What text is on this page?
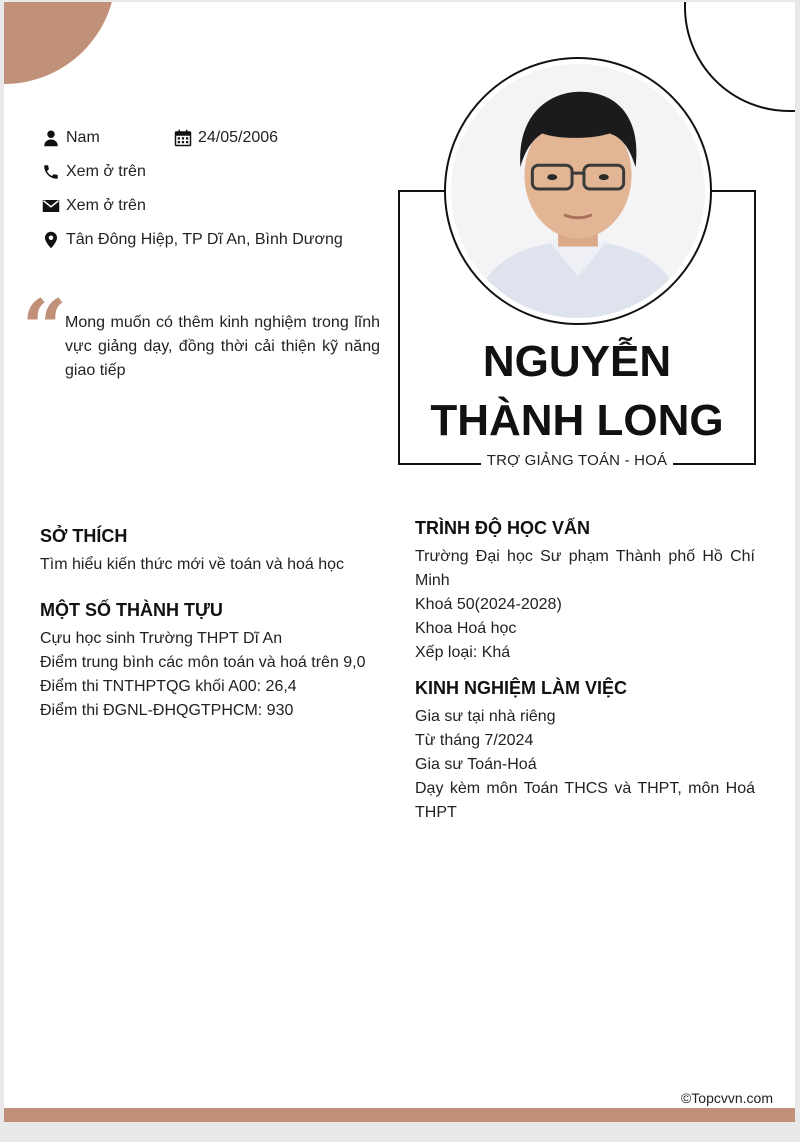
Nam	24/05/2006
Xem ở trên
Xem ở trên
Tân Đông Hiệp, TP Dĩ An, Bình Dương
“
Mong muốn có thêm kinh nghiệm trong lĩnh vực giảng dạy, đồng thời cải thiện kỹ năng giao tiếp	NGUYỄN
THÀNH LONG
TRỢ GIẢNG TOÁN - HOÁ
SỞ THÍCH

Tìm hiểu kiến thức mới về toán và hoá học

MỘT SỐ THÀNH TỰU

Cựu học sinh Trường THPT Dĩ An

Điểm trung bình các môn toán và hoá trên 9,0

Điểm thi TNTHPTQG khối A00: 26,4

Điểm thi ĐGNL-ĐHQGTPHCM: 930

TRÌNH ĐỘ HỌC VẤN

Trường Đại học Sư phạm Thành phố Hồ Chí Minh

Khoá 50(2024-2028)

Khoa Hoá học

Xếp loại: Khá

KINH NGHIỆM LÀM VIỆC

Gia sư tại nhà riêng

Từ tháng 7/2024

Gia sư Toán-Hoá

Dạy kèm môn Toán THCS và THPT, môn Hoá THPT

©Topcvvn.com
